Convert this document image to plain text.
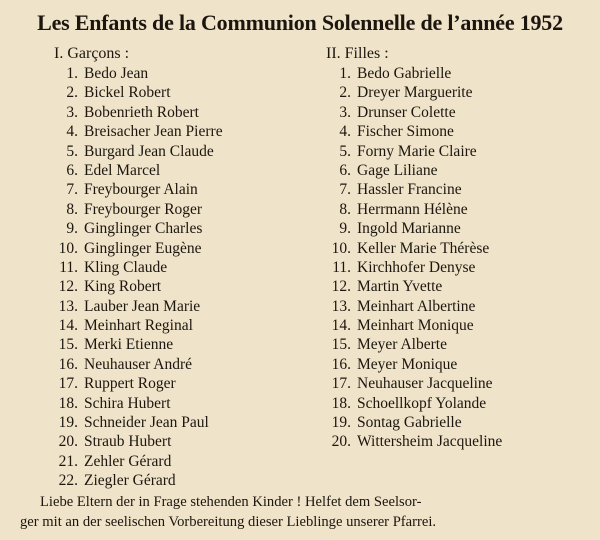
Les Enfants de la Communion Solennelle de l’année 1952
I. Garçons :	II. Filles :
1. Bedo Jean
2. Bickel Robert
3. Bobenrieth Robert
4. Breisacher Jean Pierre
5. Burgard Jean Claude
6. Edel Marcel
7. Freybourger Alain
8. Freybourger Roger
9. Ginglinger Charles
10. Ginglinger Eugène
11. Kling Claude
12. King Robert
13. Lauber Jean Marie
14. Meinhart Reginal
15. Merki Etienne
16. Neuhauser André
17. Ruppert Roger
18. Schira Hubert
19. Schneider Jean Paul
20. Straub Hubert
21. Zehler Gérard
22. Ziegler Gérard
1. Bedo Gabrielle
2. Dreyer Marguerite
3. Drunser Colette
4. Fischer Simone
5. Forny Marie Claire
6. Gage Liliane
7. Hassler Francine
8. Herrmann Hélène
9. Ingold Marianne
10. Keller Marie Thérèse
11. Kirchhofer Denyse
12. Martin Yvette
13. Meinhart Albertine
14. Meinhart Monique
15. Meyer Alberte
16. Meyer Monique
17. Neuhauser Jacqueline
18. Schoellkopf Yolande
19. Sontag Gabrielle
20. Wittersheim Jacqueline
Liebe Eltern der in Frage stehenden Kinder ! Helfet dem Seelsor-
ger mit an der seelischen Vorbereitung dieser Lieblinge unserer Pfarrei.
